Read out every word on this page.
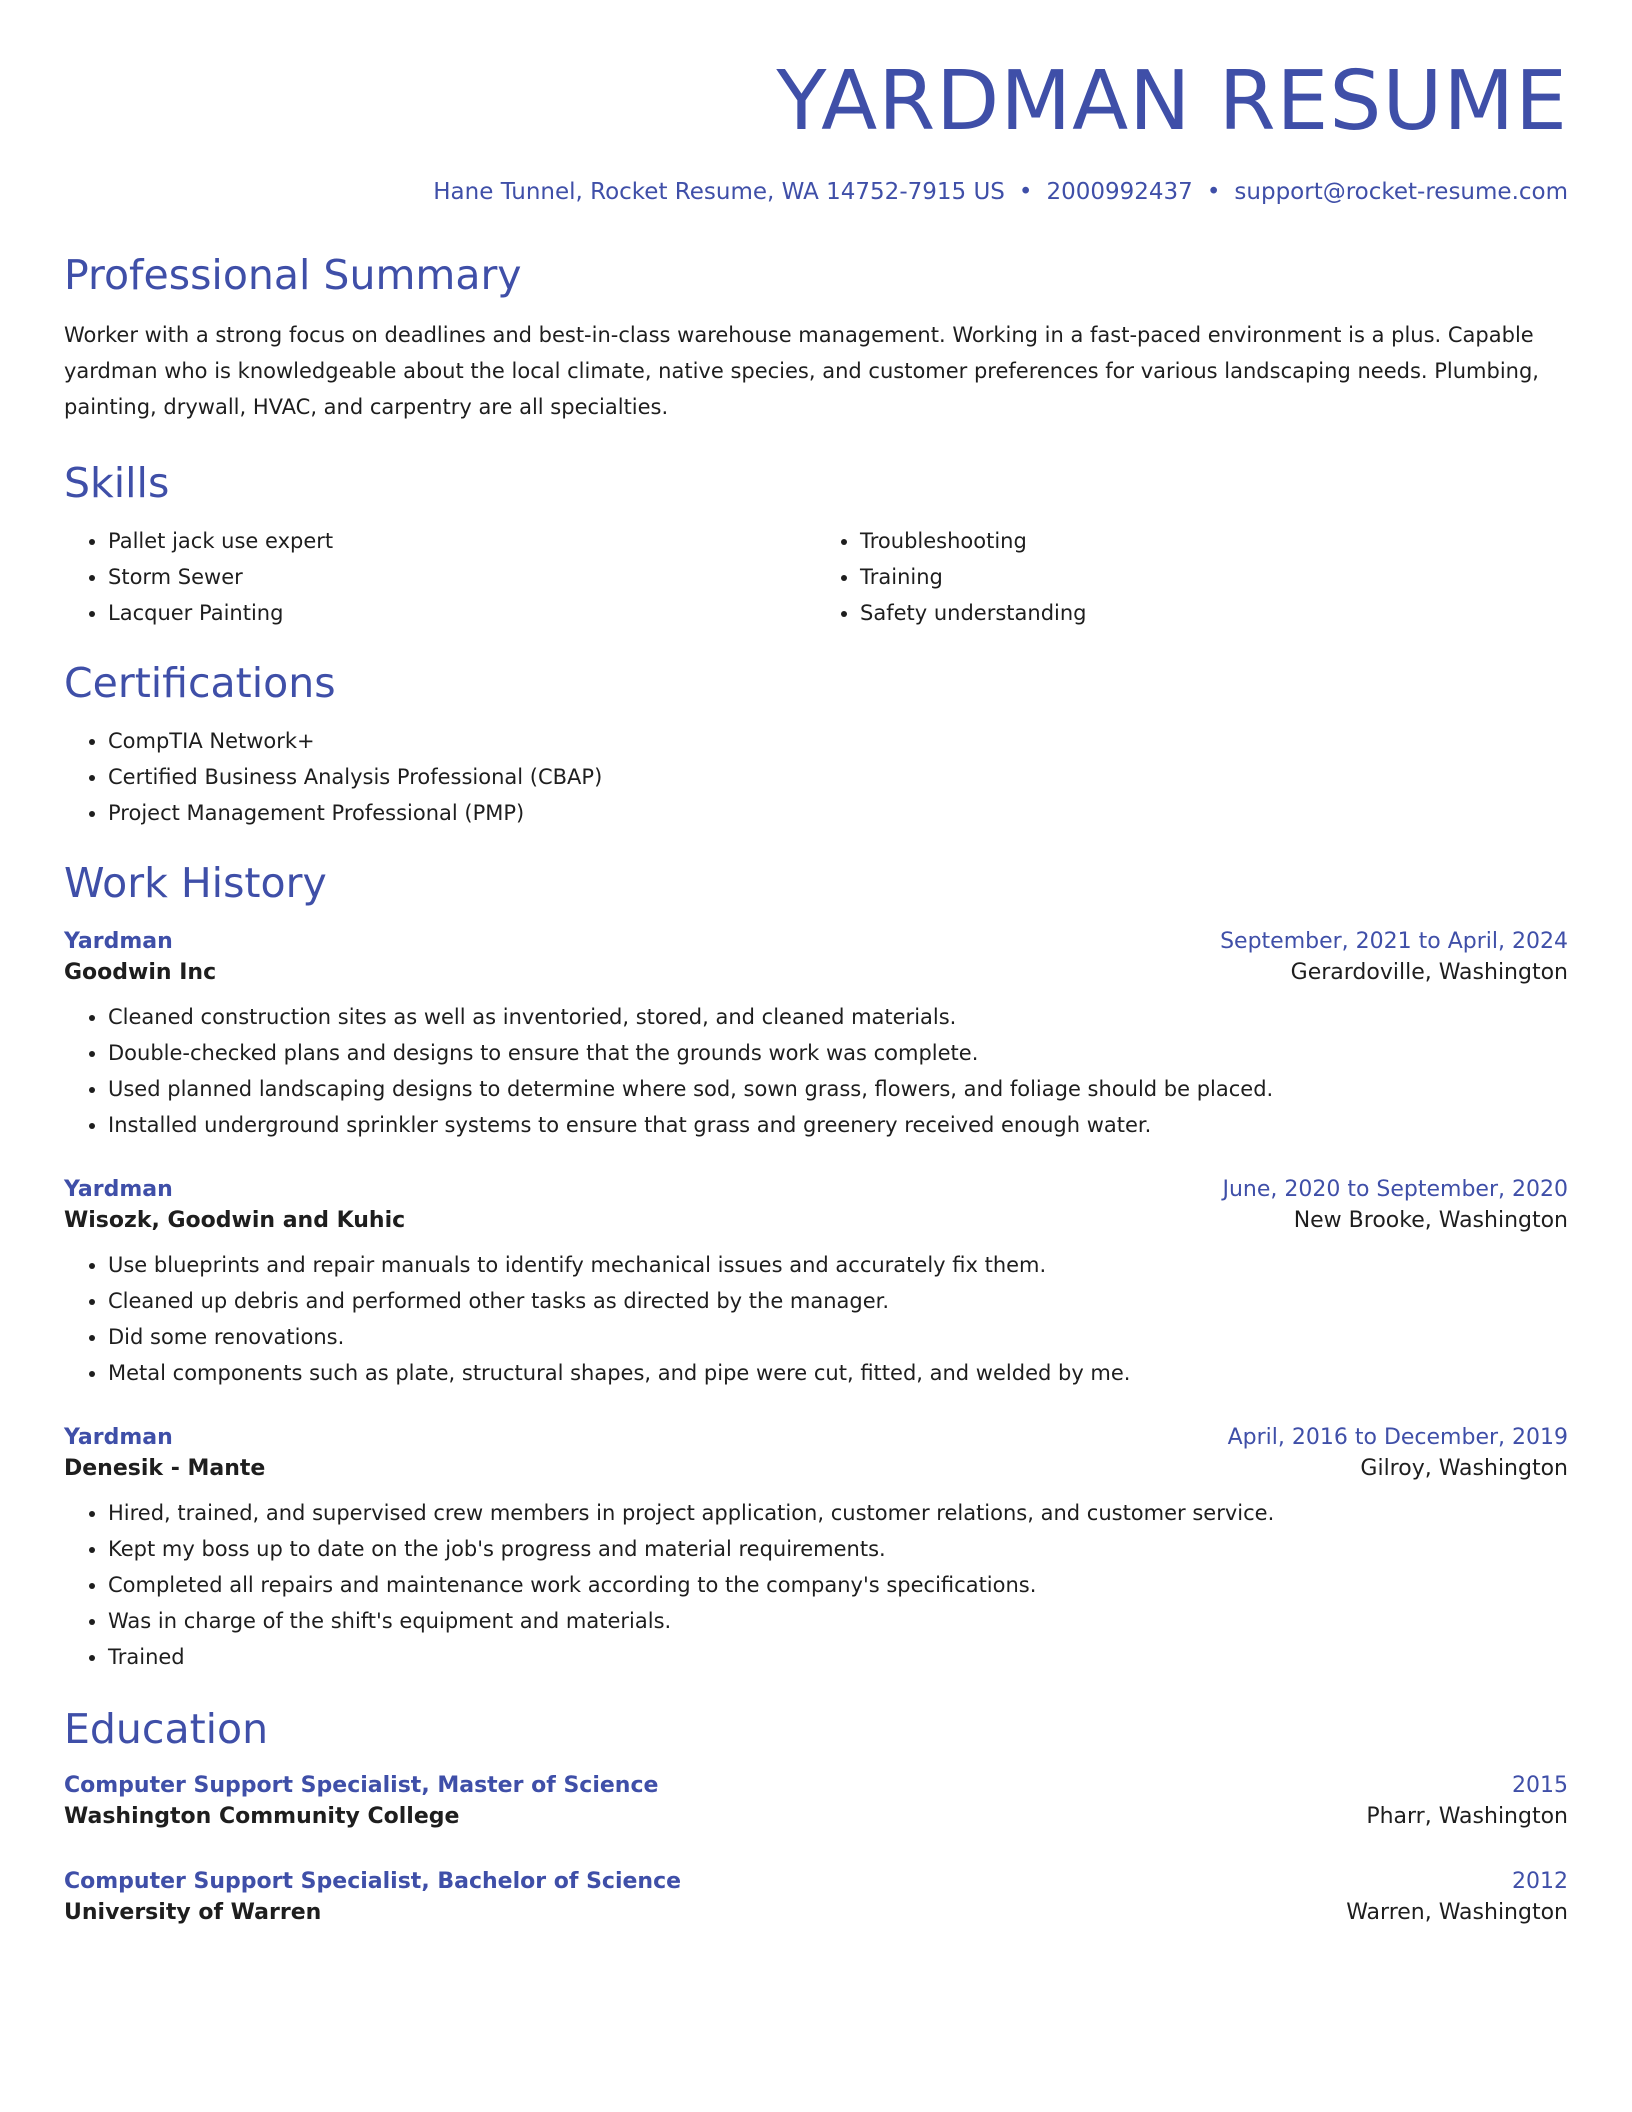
YARDMAN RESUME
Hane Tunnel, Rocket Resume, WA 14752-7915 US • 2000992437 • support@rocket-resume.com
Professional Summary

Worker with a strong focus on deadlines and best-in-class warehouse management. Working in a fast-paced environment is a plus. Capable yardman who is knowledgeable about the local climate, native species, and customer preferences for various landscaping needs. Plumbing, painting, drywall, HVAC, and carpentry are all specialties.

Skills
• Pallet jack use expert
• Storm Sewer
• Lacquer Painting
• Troubleshooting
• Training
• Safety understanding
Certifications
• CompTIA Network+
• Certified Business Analysis Professional (CBAP)
• Project Management Professional (PMP)
Work History
Yardman	September, 2021 to April, 2024
Goodwin Inc	Gerardoville, Washington
• Cleaned construction sites as well as inventoried, stored, and cleaned materials.
• Double-checked plans and designs to ensure that the grounds work was complete.
• Used planned landscaping designs to determine where sod, sown grass, flowers, and foliage should be placed.
• Installed underground sprinkler systems to ensure that grass and greenery received enough water.
Yardman	June, 2020 to September, 2020
Wisozk, Goodwin and Kuhic	New Brooke, Washington
• Use blueprints and repair manuals to identify mechanical issues and accurately fix them.
• Cleaned up debris and performed other tasks as directed by the manager.
• Did some renovations.
• Metal components such as plate, structural shapes, and pipe were cut, fitted, and welded by me.
Yardman	April, 2016 to December, 2019
Denesik - Mante	Gilroy, Washington
• Hired, trained, and supervised crew members in project application, customer relations, and customer service.
• Kept my boss up to date on the job's progress and material requirements.
• Completed all repairs and maintenance work according to the company's specifications.
• Was in charge of the shift's equipment and materials.
• Trained
Education
Computer Support Specialist, Master of Science	2015
Washington Community College	Pharr, Washington
Computer Support Specialist, Bachelor of Science	2012
University of Warren	Warren, Washington
